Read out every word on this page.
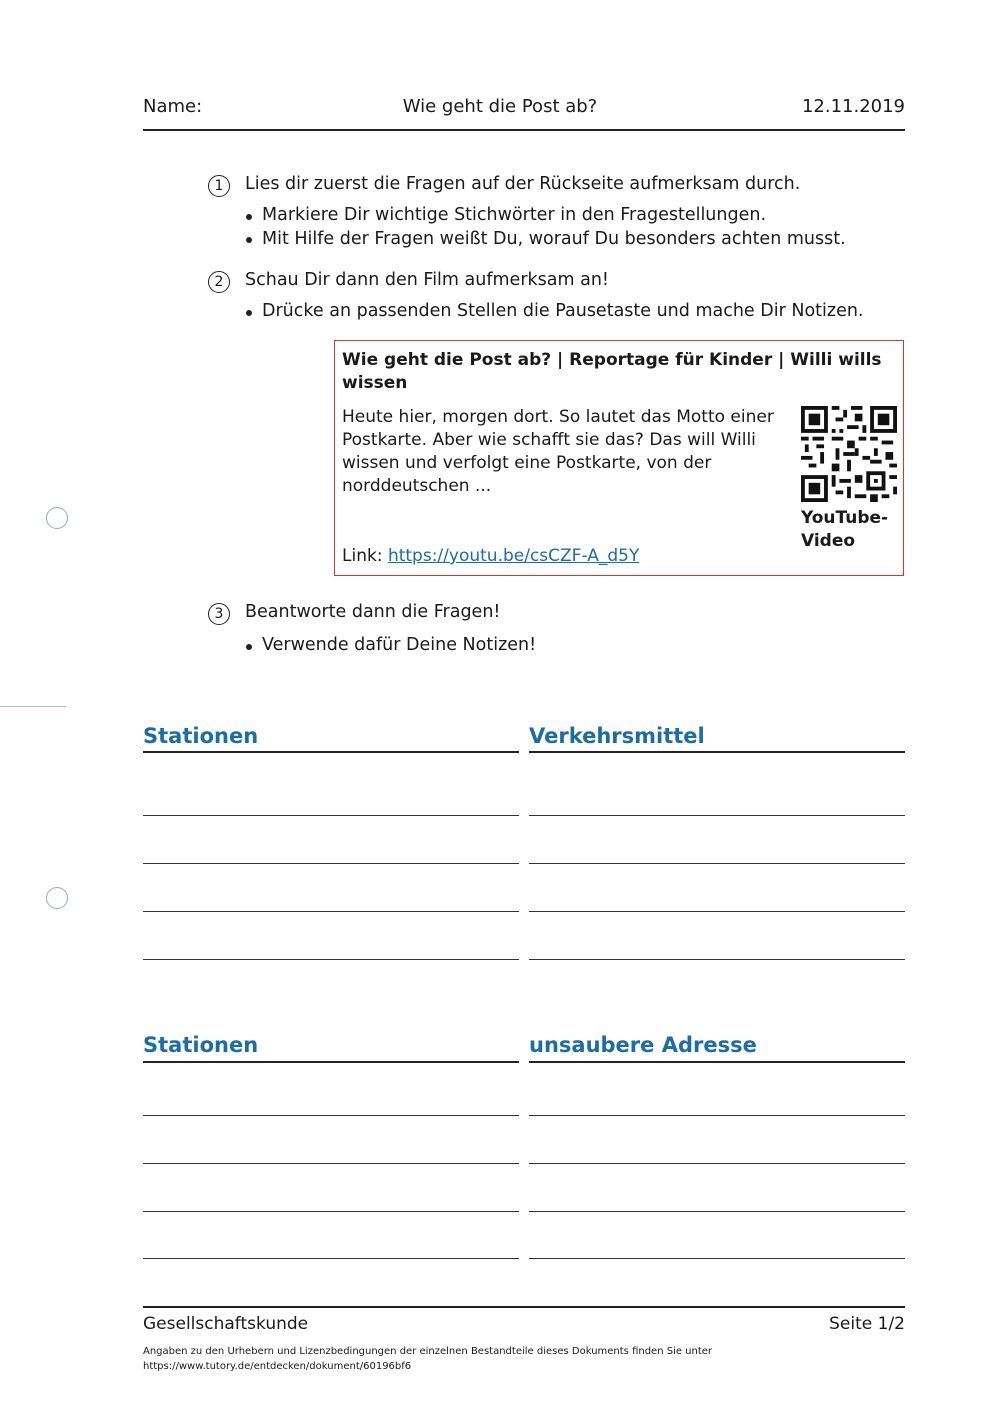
Name:	Wie geht die Post ab?	12.11.2019
1	Lies dir zuerst die Fragen auf der Rückseite aufmerksam durch.
Markiere Dir wichtige Stichwörter in den Fragestellungen.
Mit Hilfe der Fragen weißt Du, worauf Du besonders achten musst.
2	Schau Dir dann den Film aufmerksam an!
Drücke an passenden Stellen die Pausetaste und mache Dir Notizen.
Wie geht die Post ab? | Reportage für Kinder | Willi wills
wissen
Heute hier, morgen dort. So lautet das Motto einer
Postkarte. Aber wie schafft sie das? Das will Willi
wissen und verfolgt eine Postkarte, von der
norddeutschen ...
Link: https://youtu.be/csCZF-A_d5Y
YouTube-
Video
3	Beantworte dann die Fragen!
Verwende dafür Deine Notizen!
Stationen	Verkehrsmittel
Stationen	unsaubere Adresse
Gesellschaftskunde	Seite 1/2
Angaben zu den Urhebern und Lizenzbedingungen der einzelnen Bestandteile dieses Dokuments finden Sie unter
https://www.tutory.de/entdecken/dokument/60196bf6
